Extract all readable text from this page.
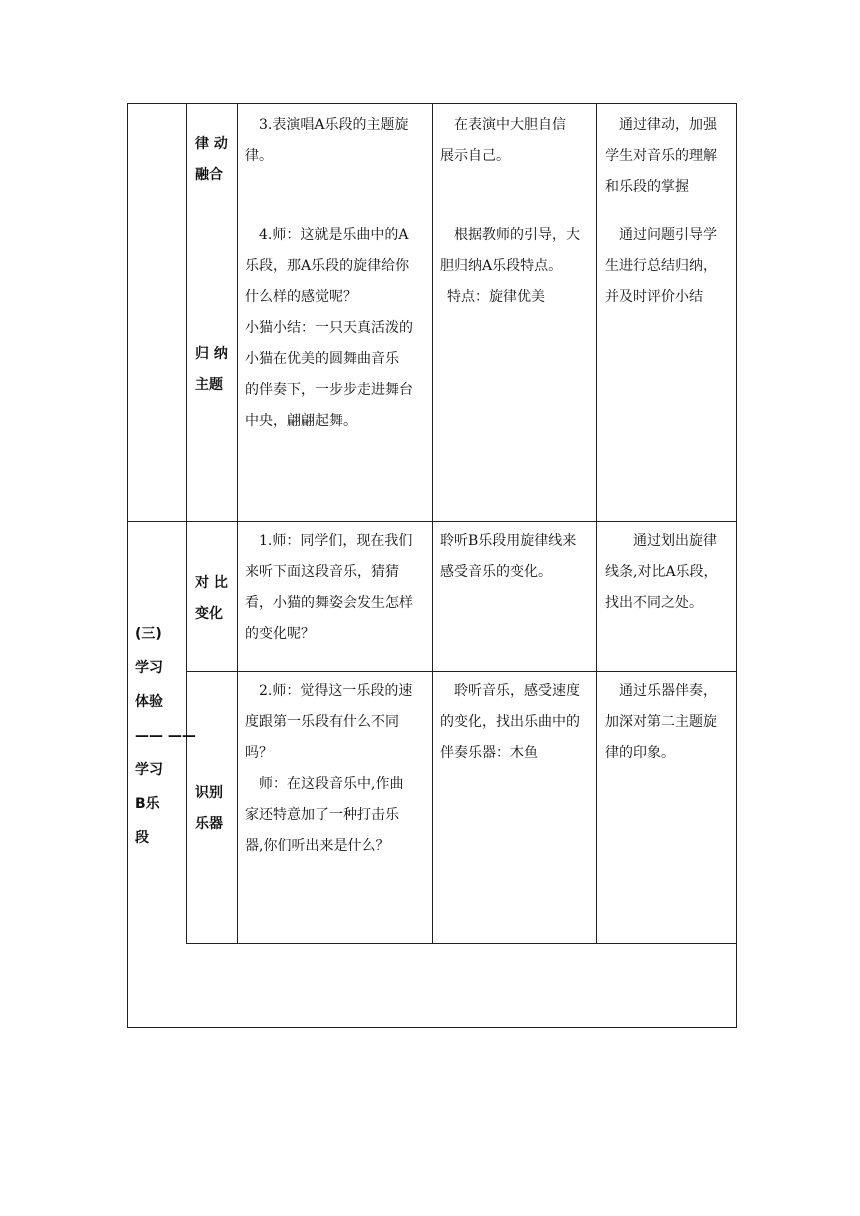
律 动
融合
归 纳
主题
3.表演唱A乐段的主题旋
律。
4.师：这就是乐曲中的A
乐段，那A乐段的旋律给你
什么样的感觉呢？
小猫小结：一只天真活泼的
小猫在优美的圆舞曲音乐
的伴奏下，一步步走进舞台
中央，翩翩起舞。
在表演中大胆自信
展示自己。
根据教师的引导，大
胆归纳A乐段特点。
特点：旋律优美
通过律动，加强
学生对音乐的理解
和乐段的掌握
通过问题引导学
生进行总结归纳，
并及时评价小结
(三)
学习
体验
—— ——
学习
B乐
段
对 比
变化
识别
乐器
1.师：同学们，现在我们
来听下面这段音乐，猜猜
看，小猫的舞姿会发生怎样
的变化呢？
2.师：觉得这一乐段的速
度跟第一乐段有什么不同
吗？
师：在这段音乐中,作曲
家还特意加了一种打击乐
器,你们听出来是什么？
聆听B乐段用旋律线来
感受音乐的变化。
聆听音乐，感受速度
的变化，找出乐曲中的
伴奏乐器：木鱼
通过划出旋律
线条,对比A乐段，
找出不同之处。
通过乐器伴奏，
加深对第二主题旋
律的印象。
